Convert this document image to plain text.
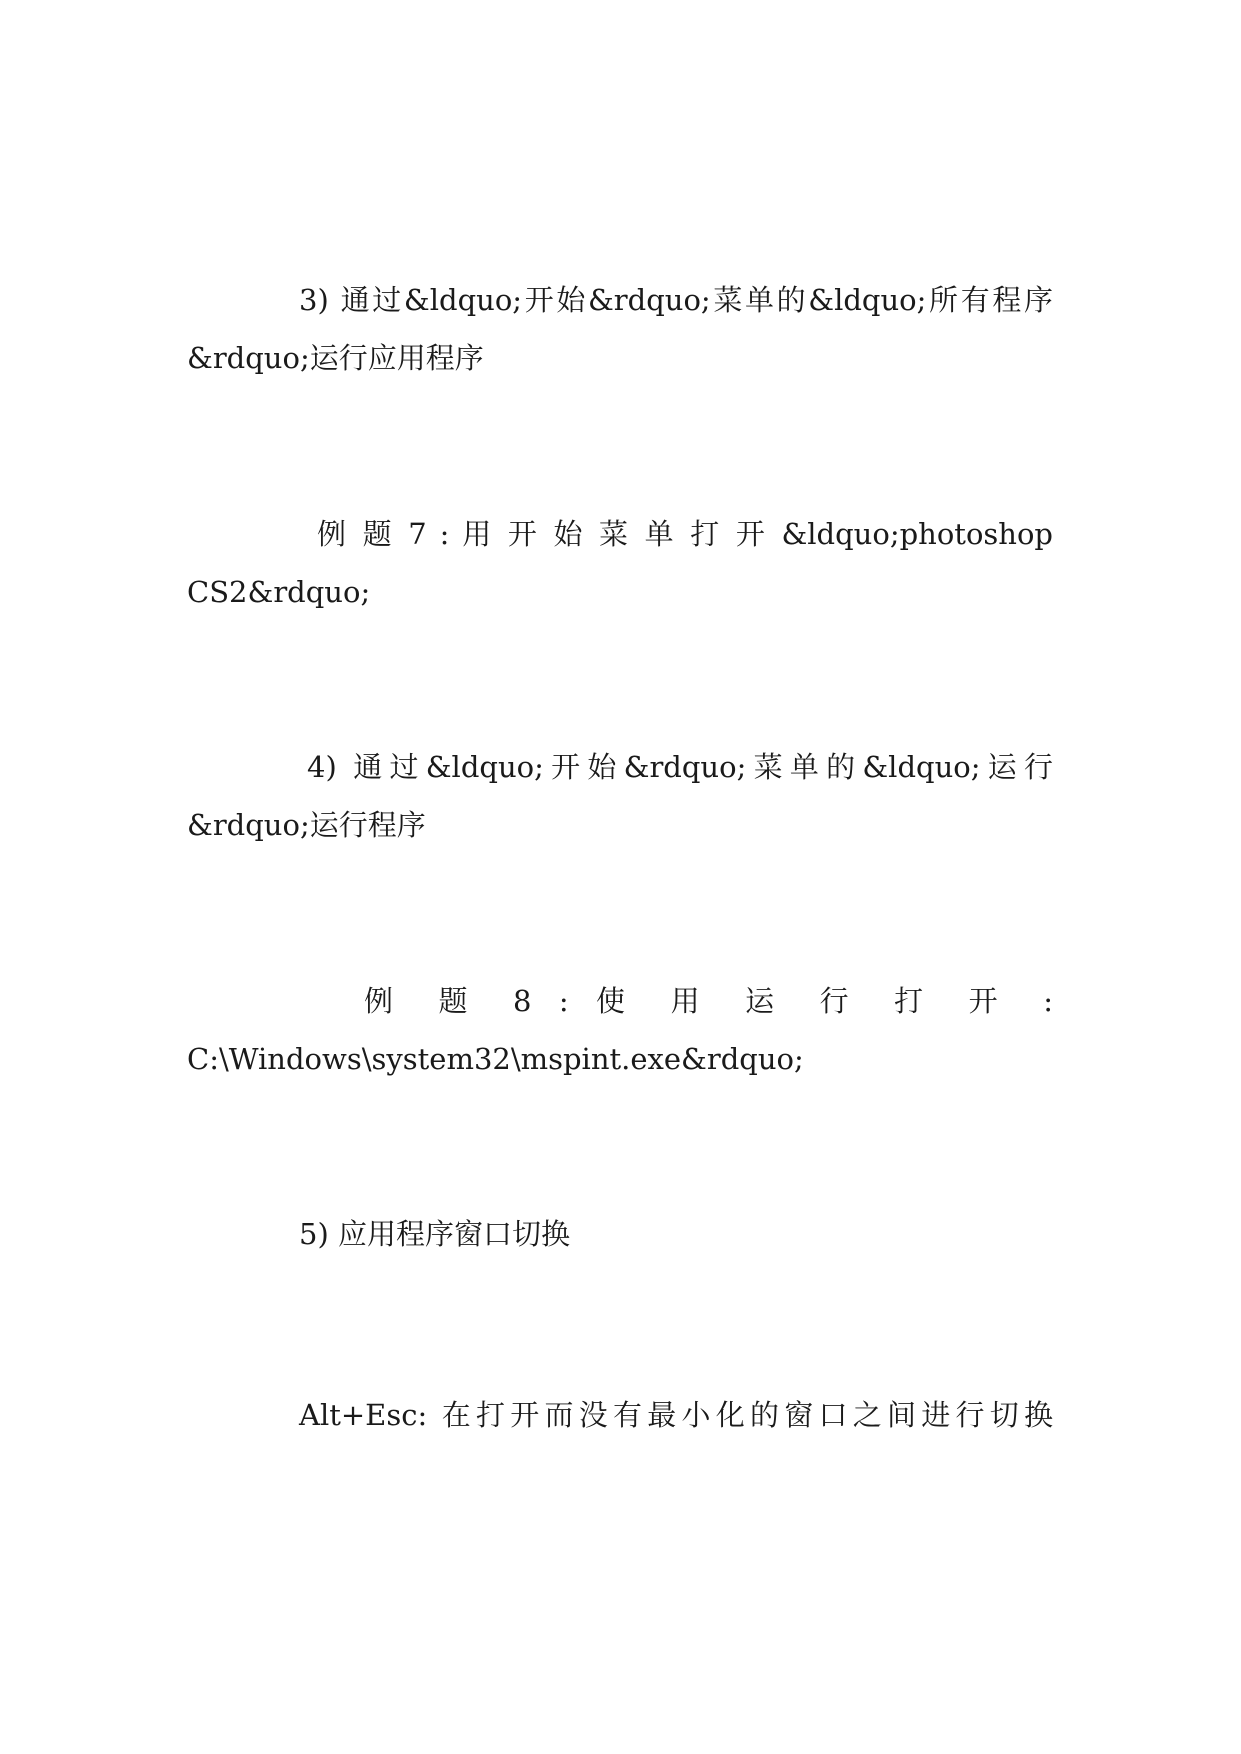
3) 通过&ldquo;开始&rdquo;菜单的&ldquo;所有程序
&rdquo;运行应用程序
例 题 7 : 用 开 始 菜 单 打 开 &ldquo;photoshop
CS2&rdquo;
4) 通过&ldquo;开始&rdquo;菜单的&ldquo;运行
&rdquo;运行程序
例 题 8 : 使 用 运 行 打 开 :
C:\Windows\system32\mspint.exe&rdquo;
5) 应用程序窗口切换
Alt+Esc: 在打开而没有最小化的窗口之间进行切换
